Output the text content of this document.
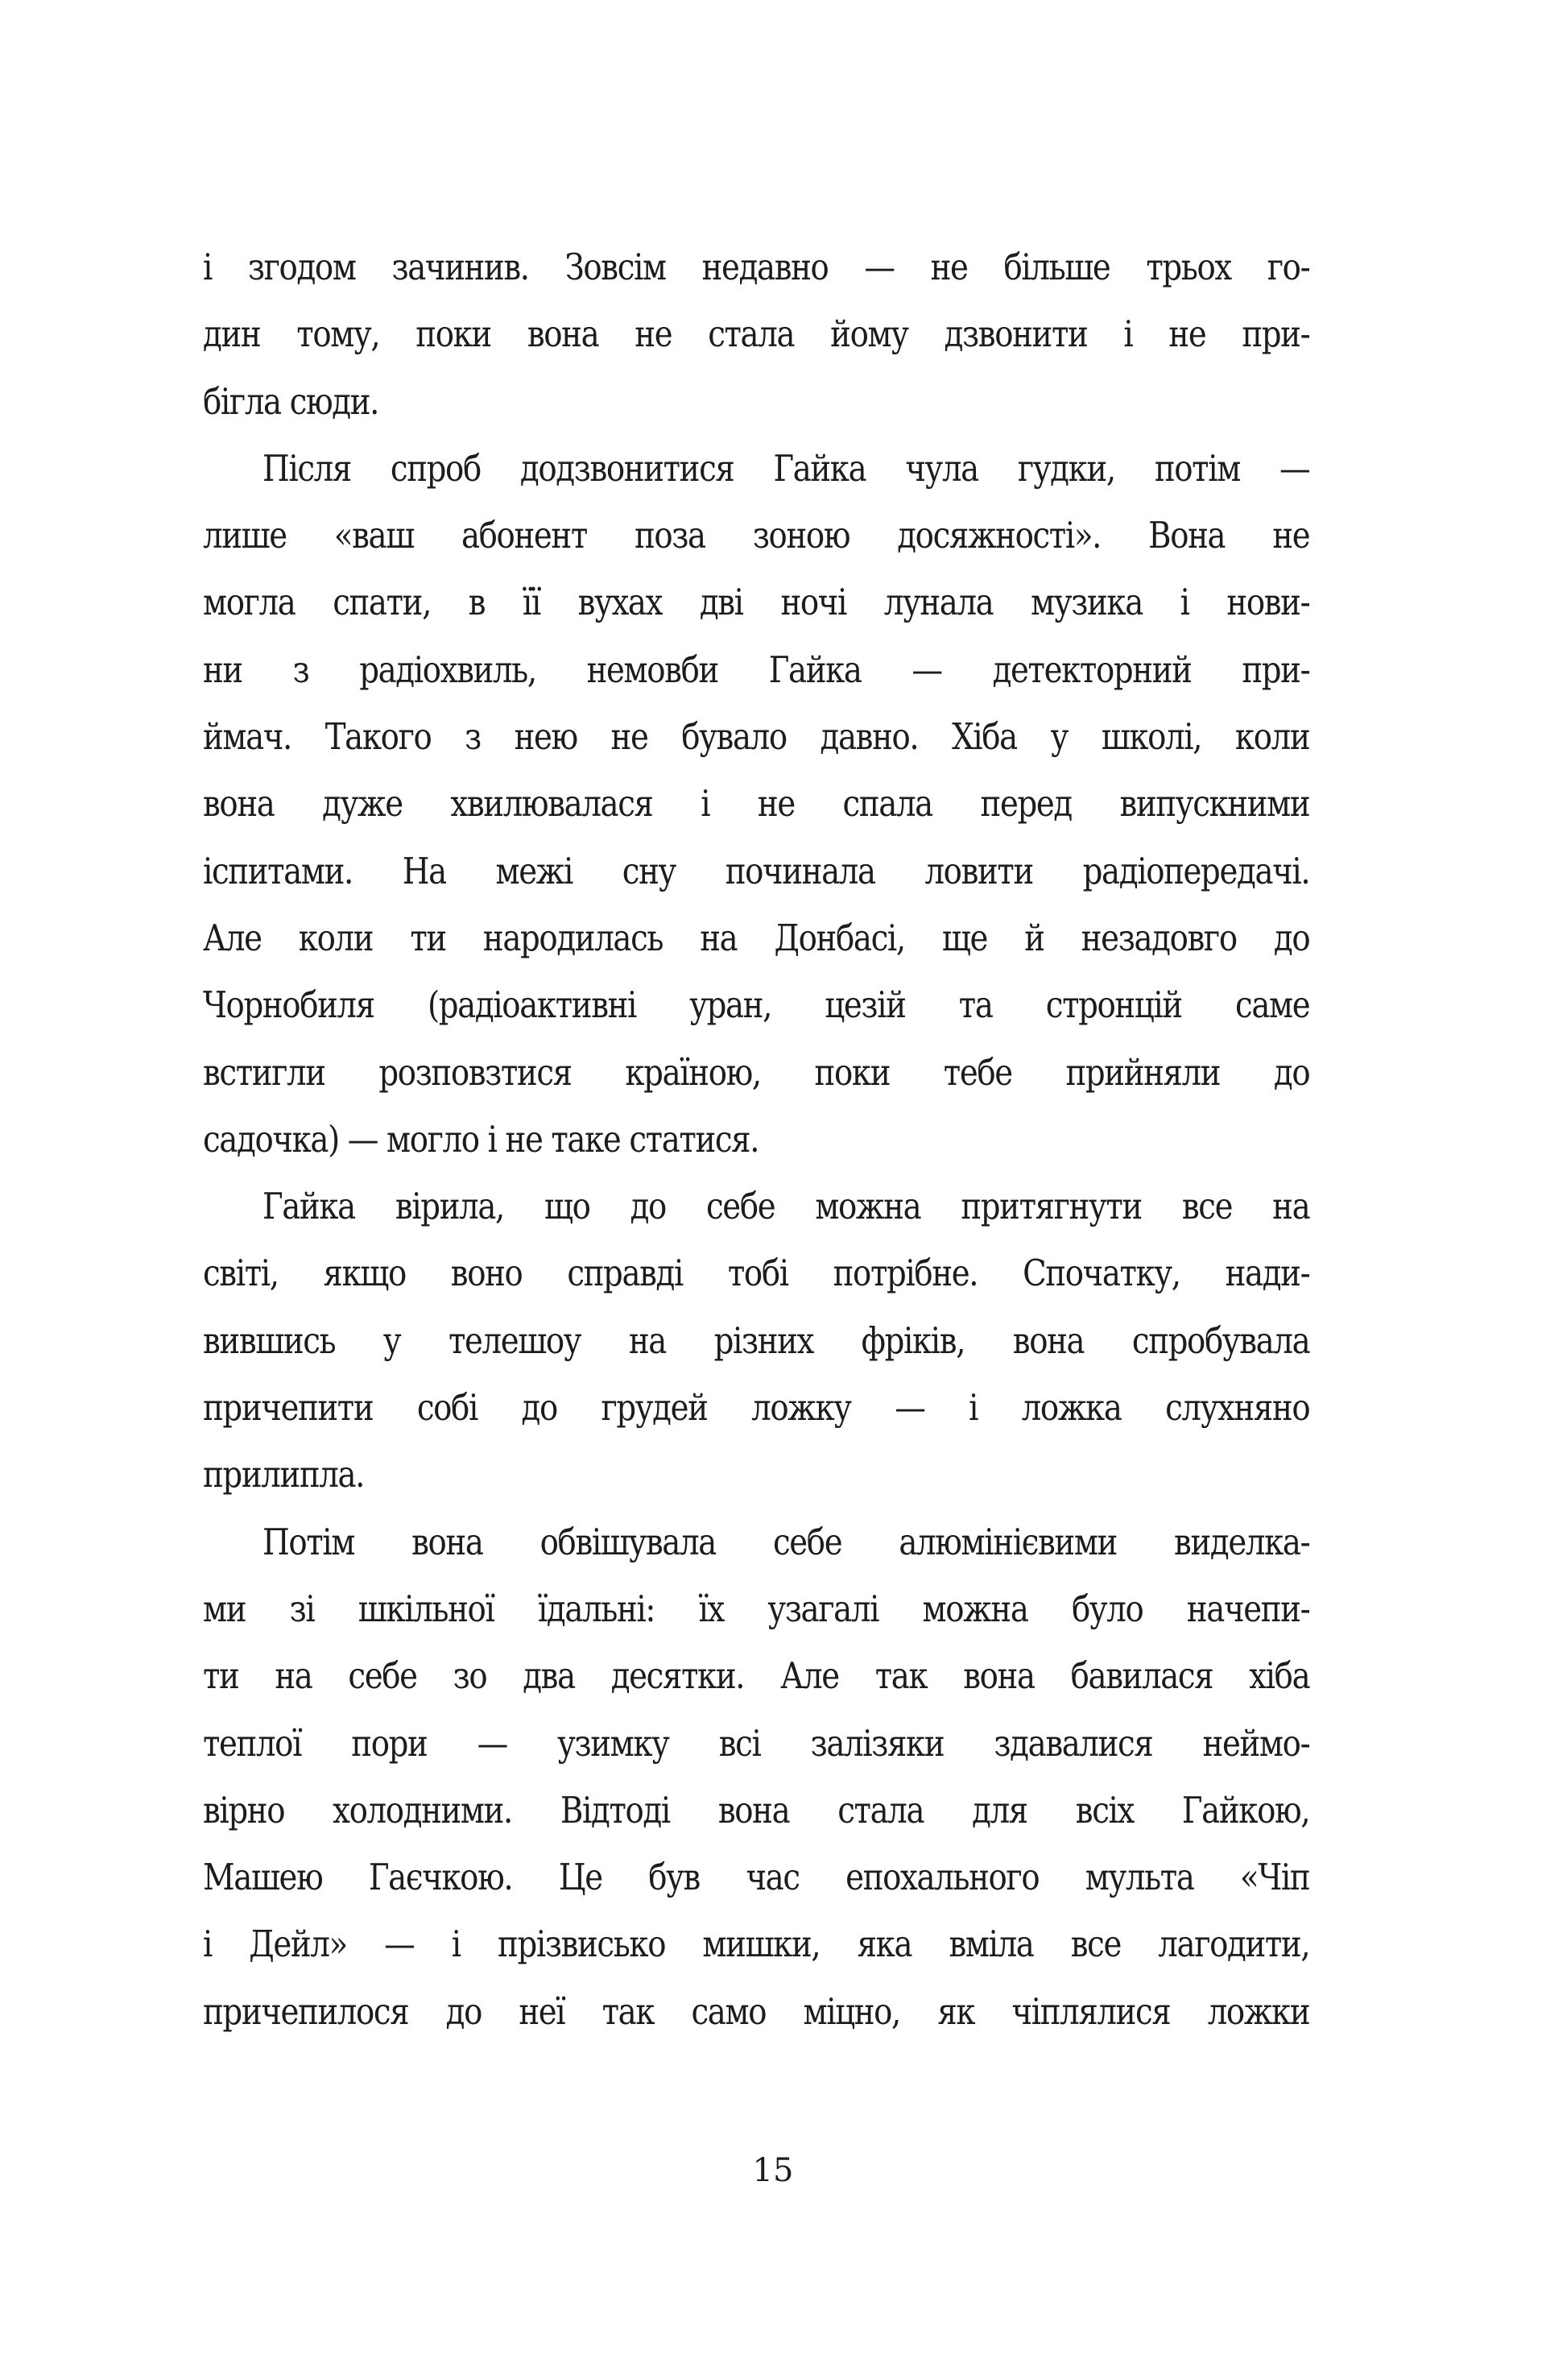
і згодом зачинив. Зовсім недавно — не більше трьох го-
дин тому, поки вона не стала йому дзвонити і не при-
бігла сюди.
Після спроб додзвонитися Гайка чула гудки, потім —
лише «ваш абонент поза зоною досяжності». Вона не
могла спати, в її вухах дві ночі лунала музика і нови-
ни з радіохвиль, немовби Гайка — детекторний при-
ймач. Такого з нею не бувало давно. Хіба у школі, коли
вона дуже хвилювалася і не спала перед випускними
іспитами. На межі сну починала ловити радіопередачі.
Але коли ти народилась на Донбасі, ще й незадовго до
Чорнобиля (радіоактивні уран, цезій та стронцій саме
встигли розповзтися країною, поки тебе прийняли до
садочка) — могло і не таке статися.
Гайка вірила, що до себе можна притягнути все на
світі, якщо воно справді тобі потрібне. Спочатку, нади-
вившись у телешоу на різних фріків, вона спробувала
причепити собі до грудей ложку — і ложка слухняно
прилипла.
Потім вона обвішувала себе алюмінієвими виделка-
ми зі шкільної їдальні: їх узагалі можна було начепи-
ти на себе зо два десятки. Але так вона бавилася хіба
теплої пори — узимку всі залізяки здавалися неймо-
вірно холодними. Відтоді вона стала для всіх Гайкою,
Машею Гаєчкою. Це був час епохального мульта «Чіп
і Дейл» — і прізвисько мишки, яка вміла все лагодити,
причепилося до неї так само міцно, як чіплялися ложки
15
